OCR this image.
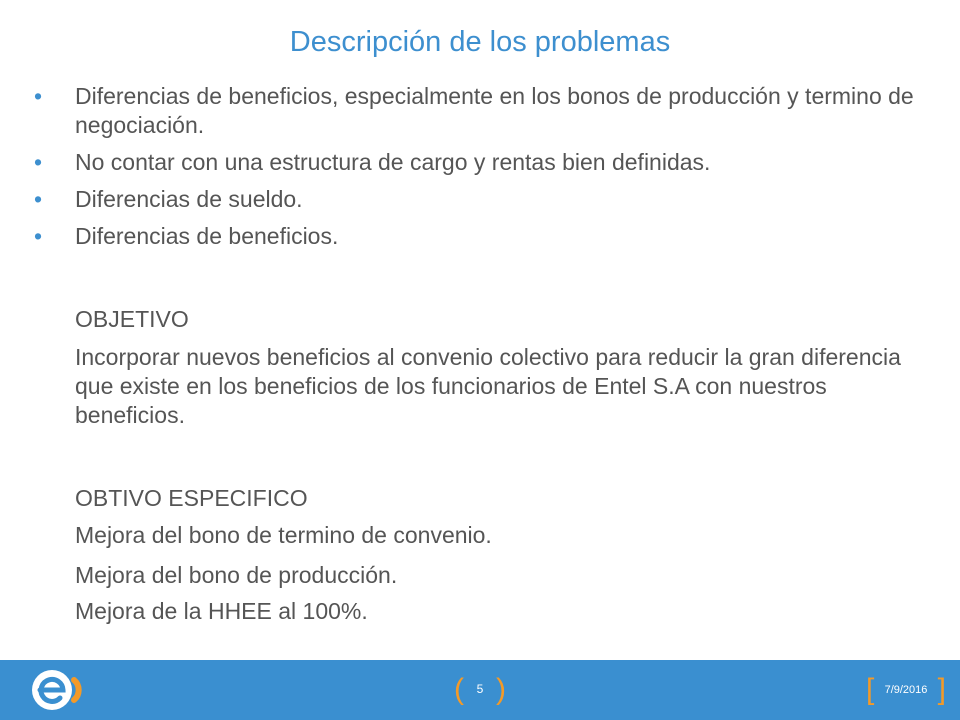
Descripción de los problemas
• Diferencias de beneficios, especialmente en los bonos de producción y termino de negociación.
• No contar con una estructura de cargo y rentas bien definidas.
• Diferencias de sueldo.
• Diferencias de beneficios.
OBJETIVO
Incorporar nuevos beneficios al convenio colectivo para reducir la gran diferencia que existe en los beneficios de los funcionarios de Entel S.A con nuestros beneficios.
OBTIVO ESPECIFICO
Mejora del bono de termino de convenio.
Mejora del bono de producción.
Mejora de la HHEE al 100%.
(	5 )	[ 7/9/2016 ]
